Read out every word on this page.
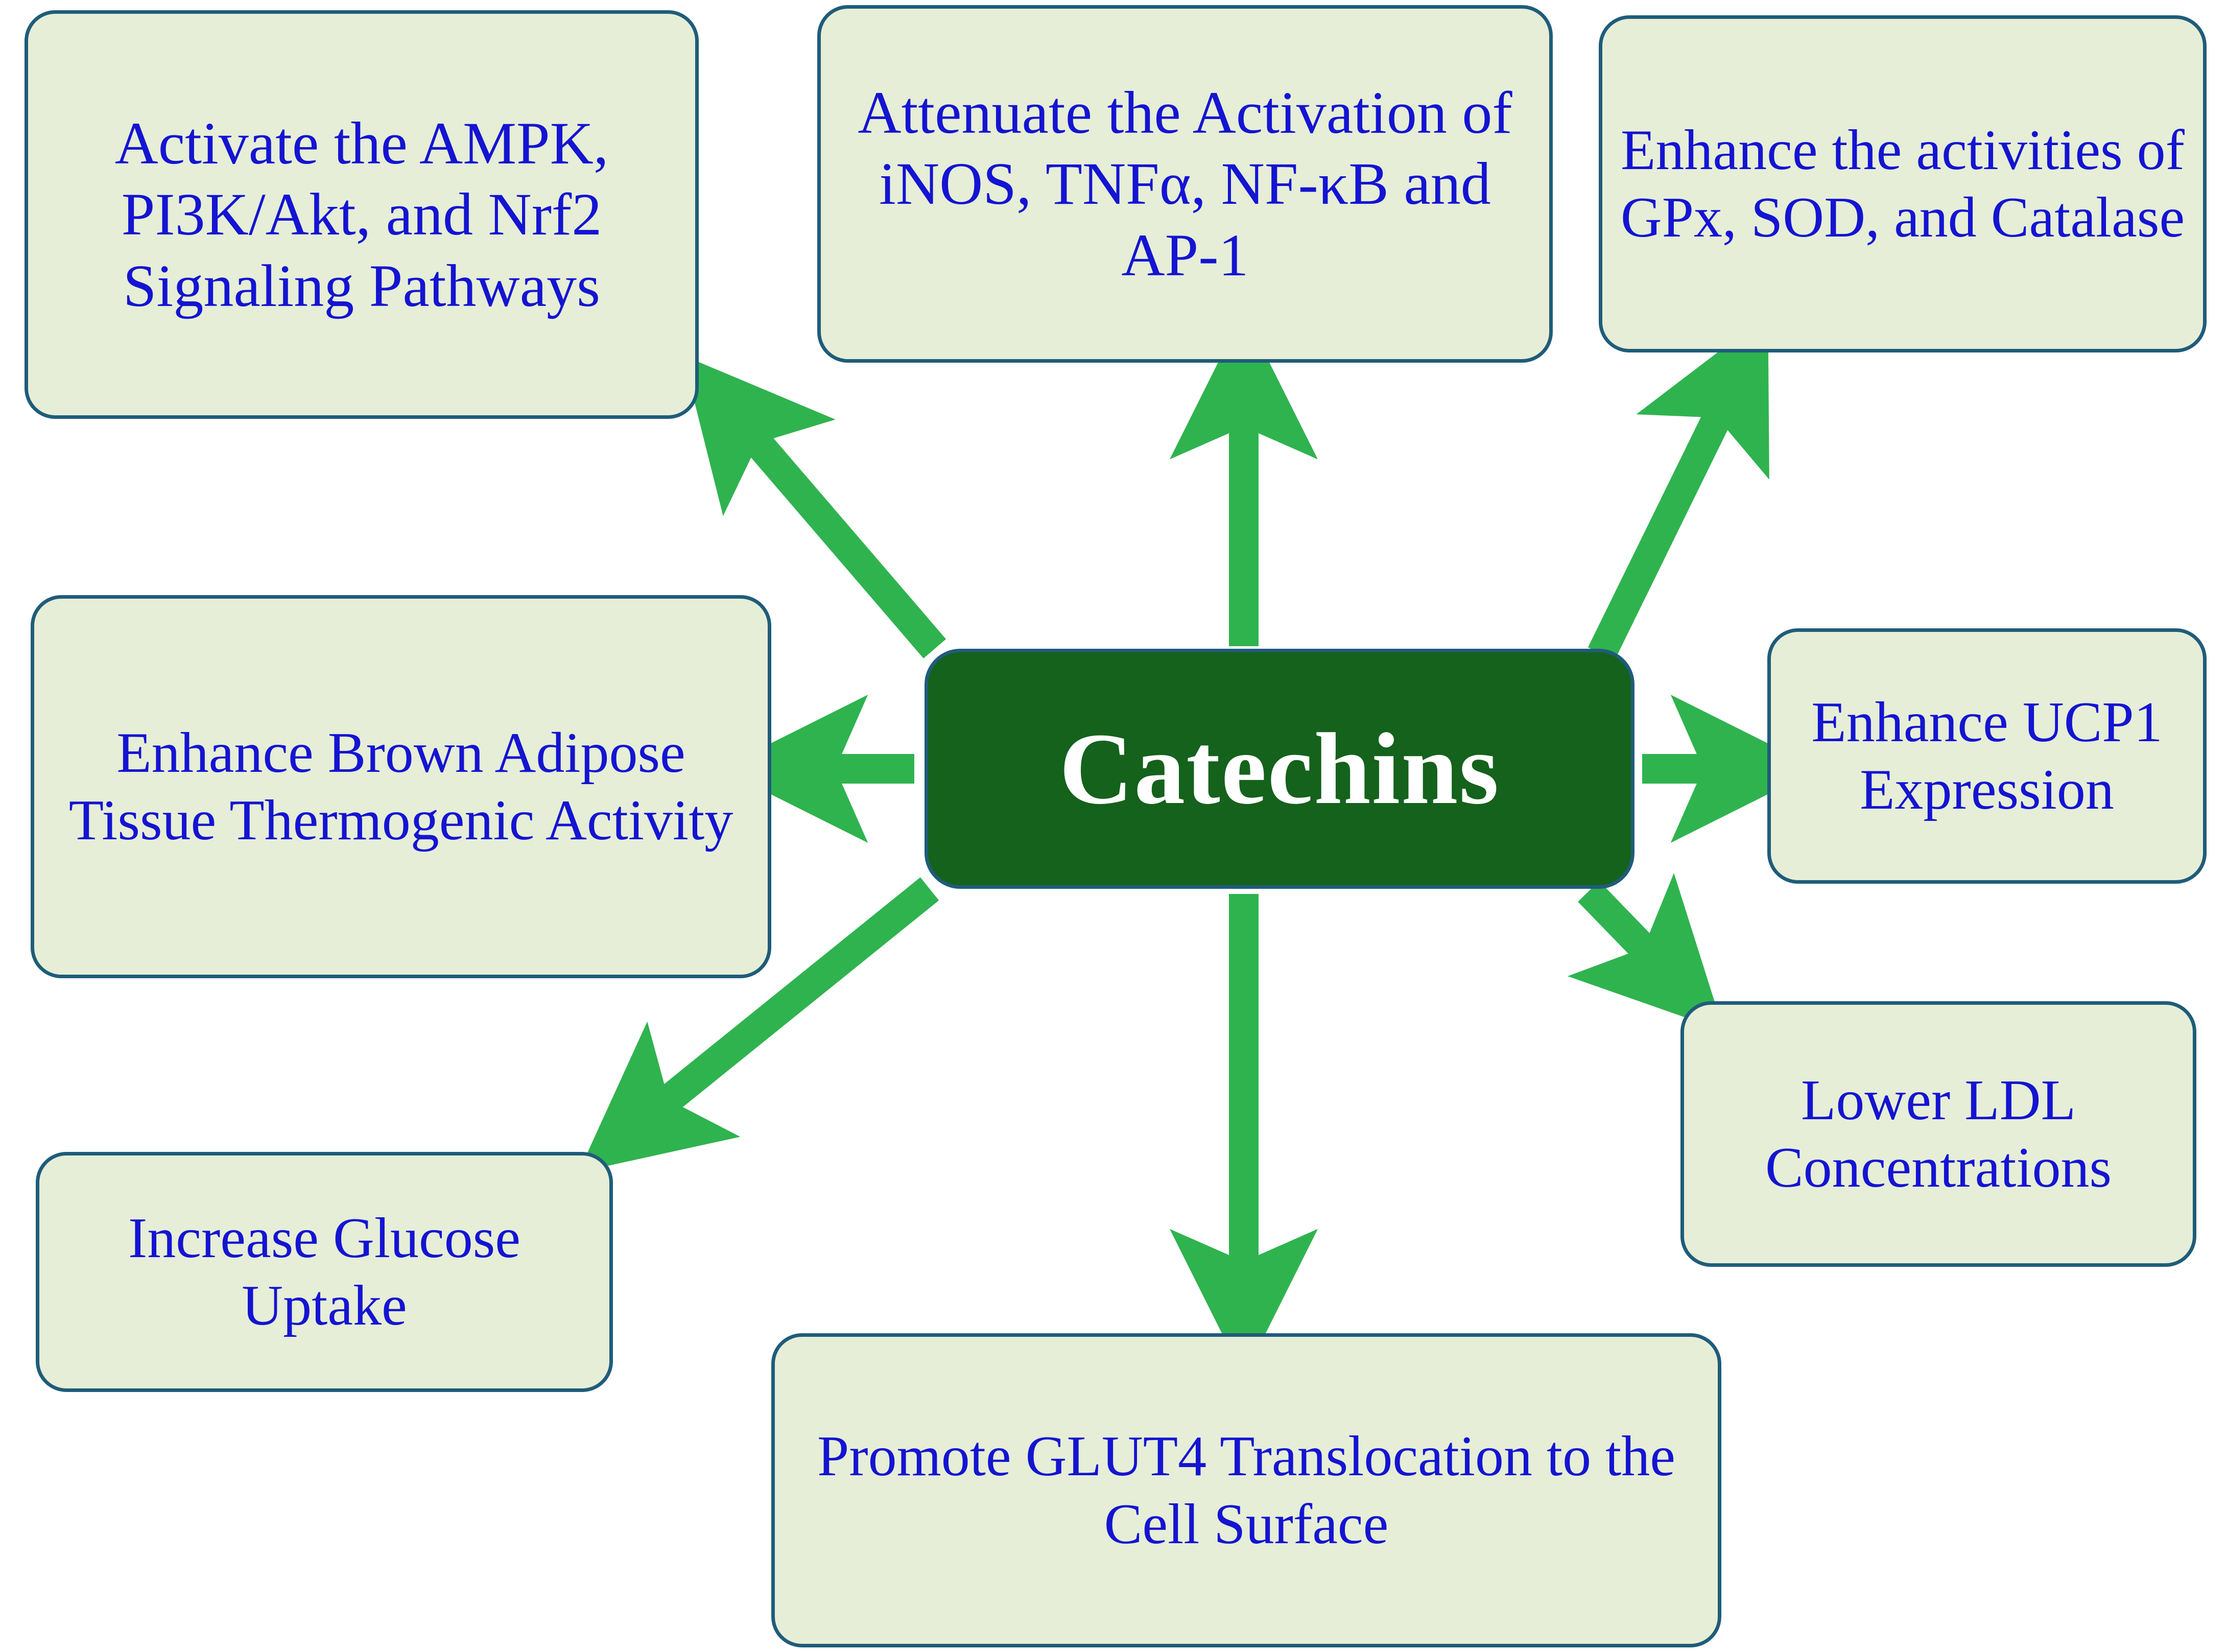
Activate the AMPK, PI3K/Akt, and Nrf2 Signaling Pathways
Attenuate the Activation of iNOS, TNFα, NF-κB and AP-1
Enhance the activities of GPx, SOD, and Catalase
Enhance Brown Adipose Tissue Thermogenic Activity
Enhance UCP1 Expression
Increase Glucose Uptake
Lower LDL Concentrations
Promote GLUT4 Translocation to the Cell Surface
Catechins
